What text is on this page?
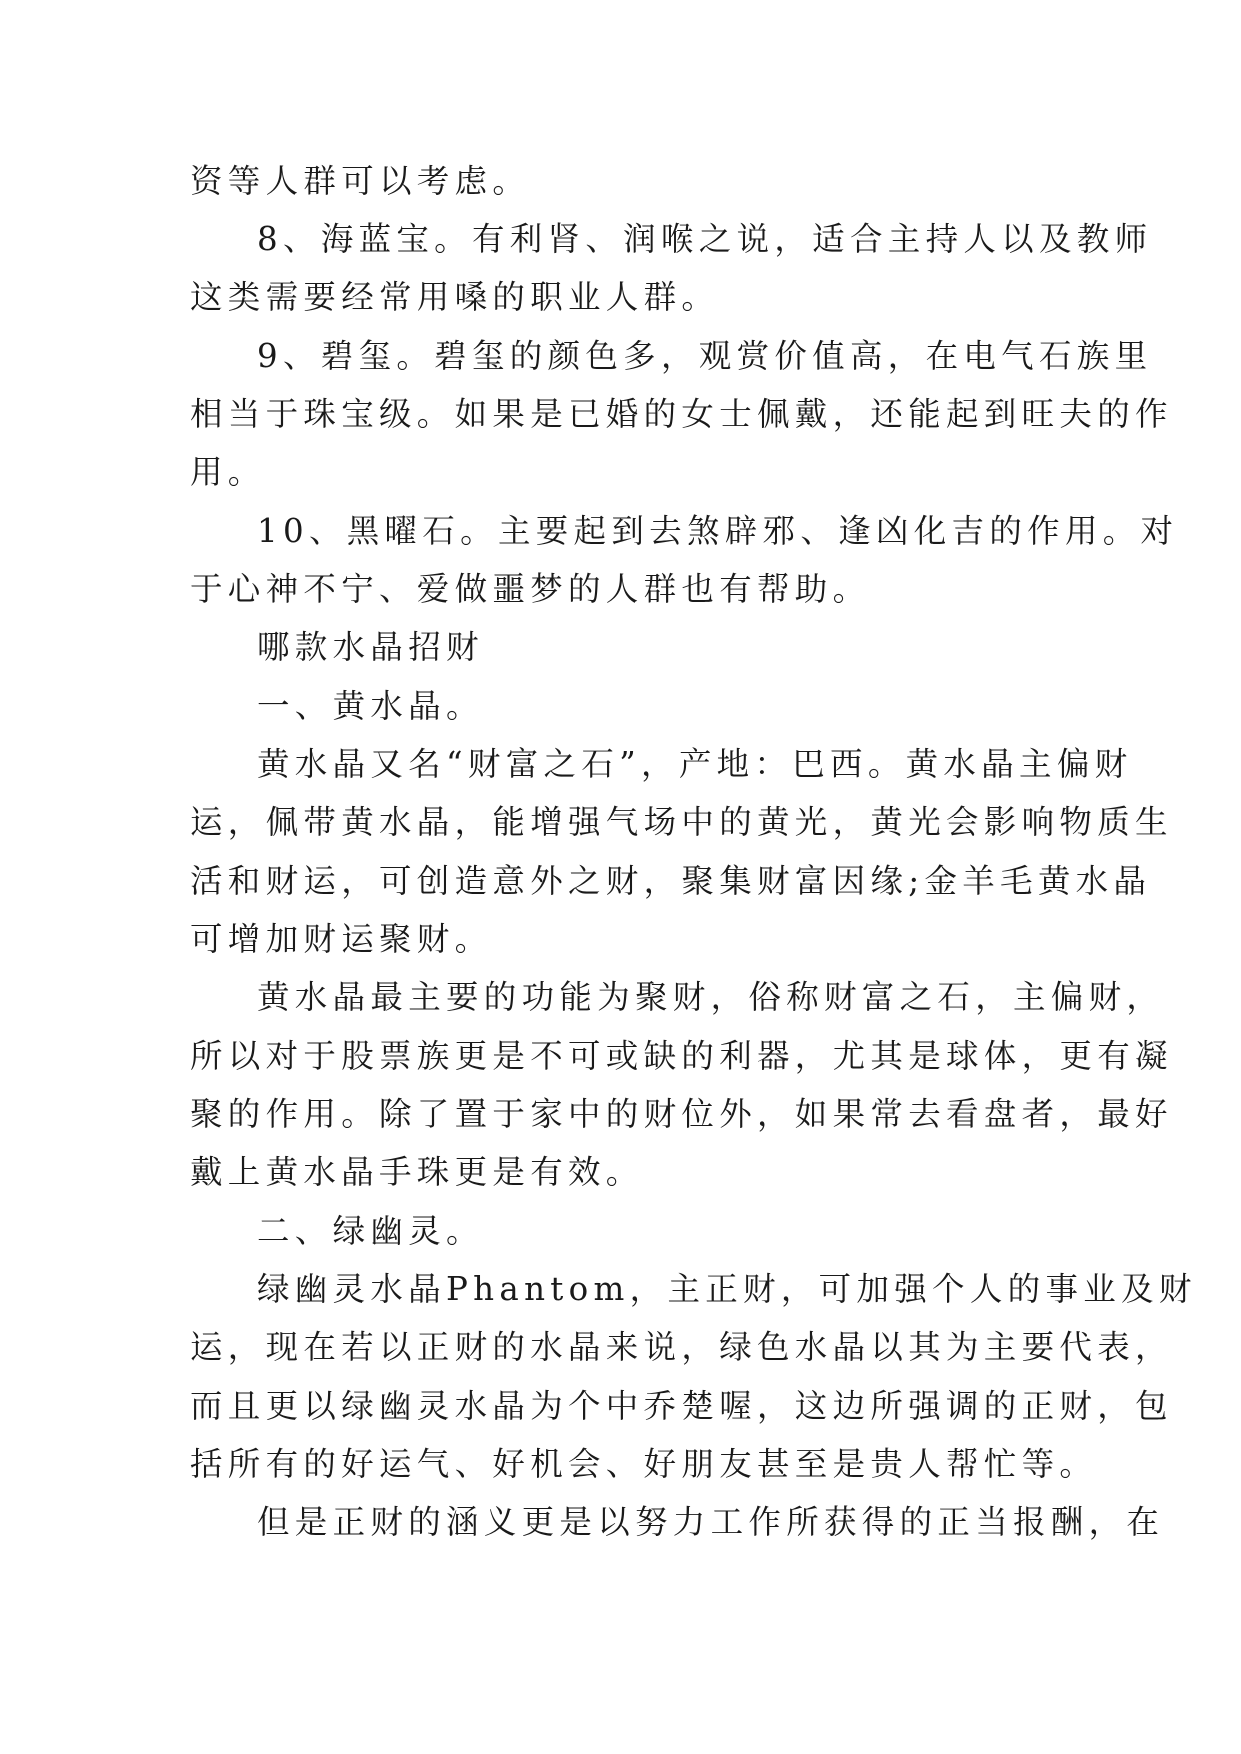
资等人群可以考虑。

8、海蓝宝。有利肾、润喉之说，适合主持人以及教师

这类需要经常用嗓的职业人群。

9、碧玺。碧玺的颜色多，观赏价值高，在电气石族里

相当于珠宝级。如果是已婚的女士佩戴，还能起到旺夫的作

用。

10、黑曜石。主要起到去煞辟邪、逢凶化吉的作用。对

于心神不宁、爱做噩梦的人群也有帮助。

哪款水晶招财

一、黄水晶。

黄水晶又名“财富之石”，产地：巴西。黄水晶主偏财

运，佩带黄水晶，能增强气场中的黄光，黄光会影响物质生

活和财运，可创造意外之财，聚集财富因缘;金羊毛黄水晶

可增加财运聚财。

黄水晶最主要的功能为聚财，俗称财富之石，主偏财，

所以对于股票族更是不可或缺的利器，尤其是球体，更有凝

聚的作用。除了置于家中的财位外，如果常去看盘者，最好

戴上黄水晶手珠更是有效。

二、绿幽灵。

绿幽灵水晶Phantom，主正财，可加强个人的事业及财

运，现在若以正财的水晶来说，绿色水晶以其为主要代表，

而且更以绿幽灵水晶为个中乔楚喔，这边所强调的正财，包

括所有的好运气、好机会、好朋友甚至是贵人帮忙等。

但是正财的涵义更是以努力工作所获得的正当报酬，在
